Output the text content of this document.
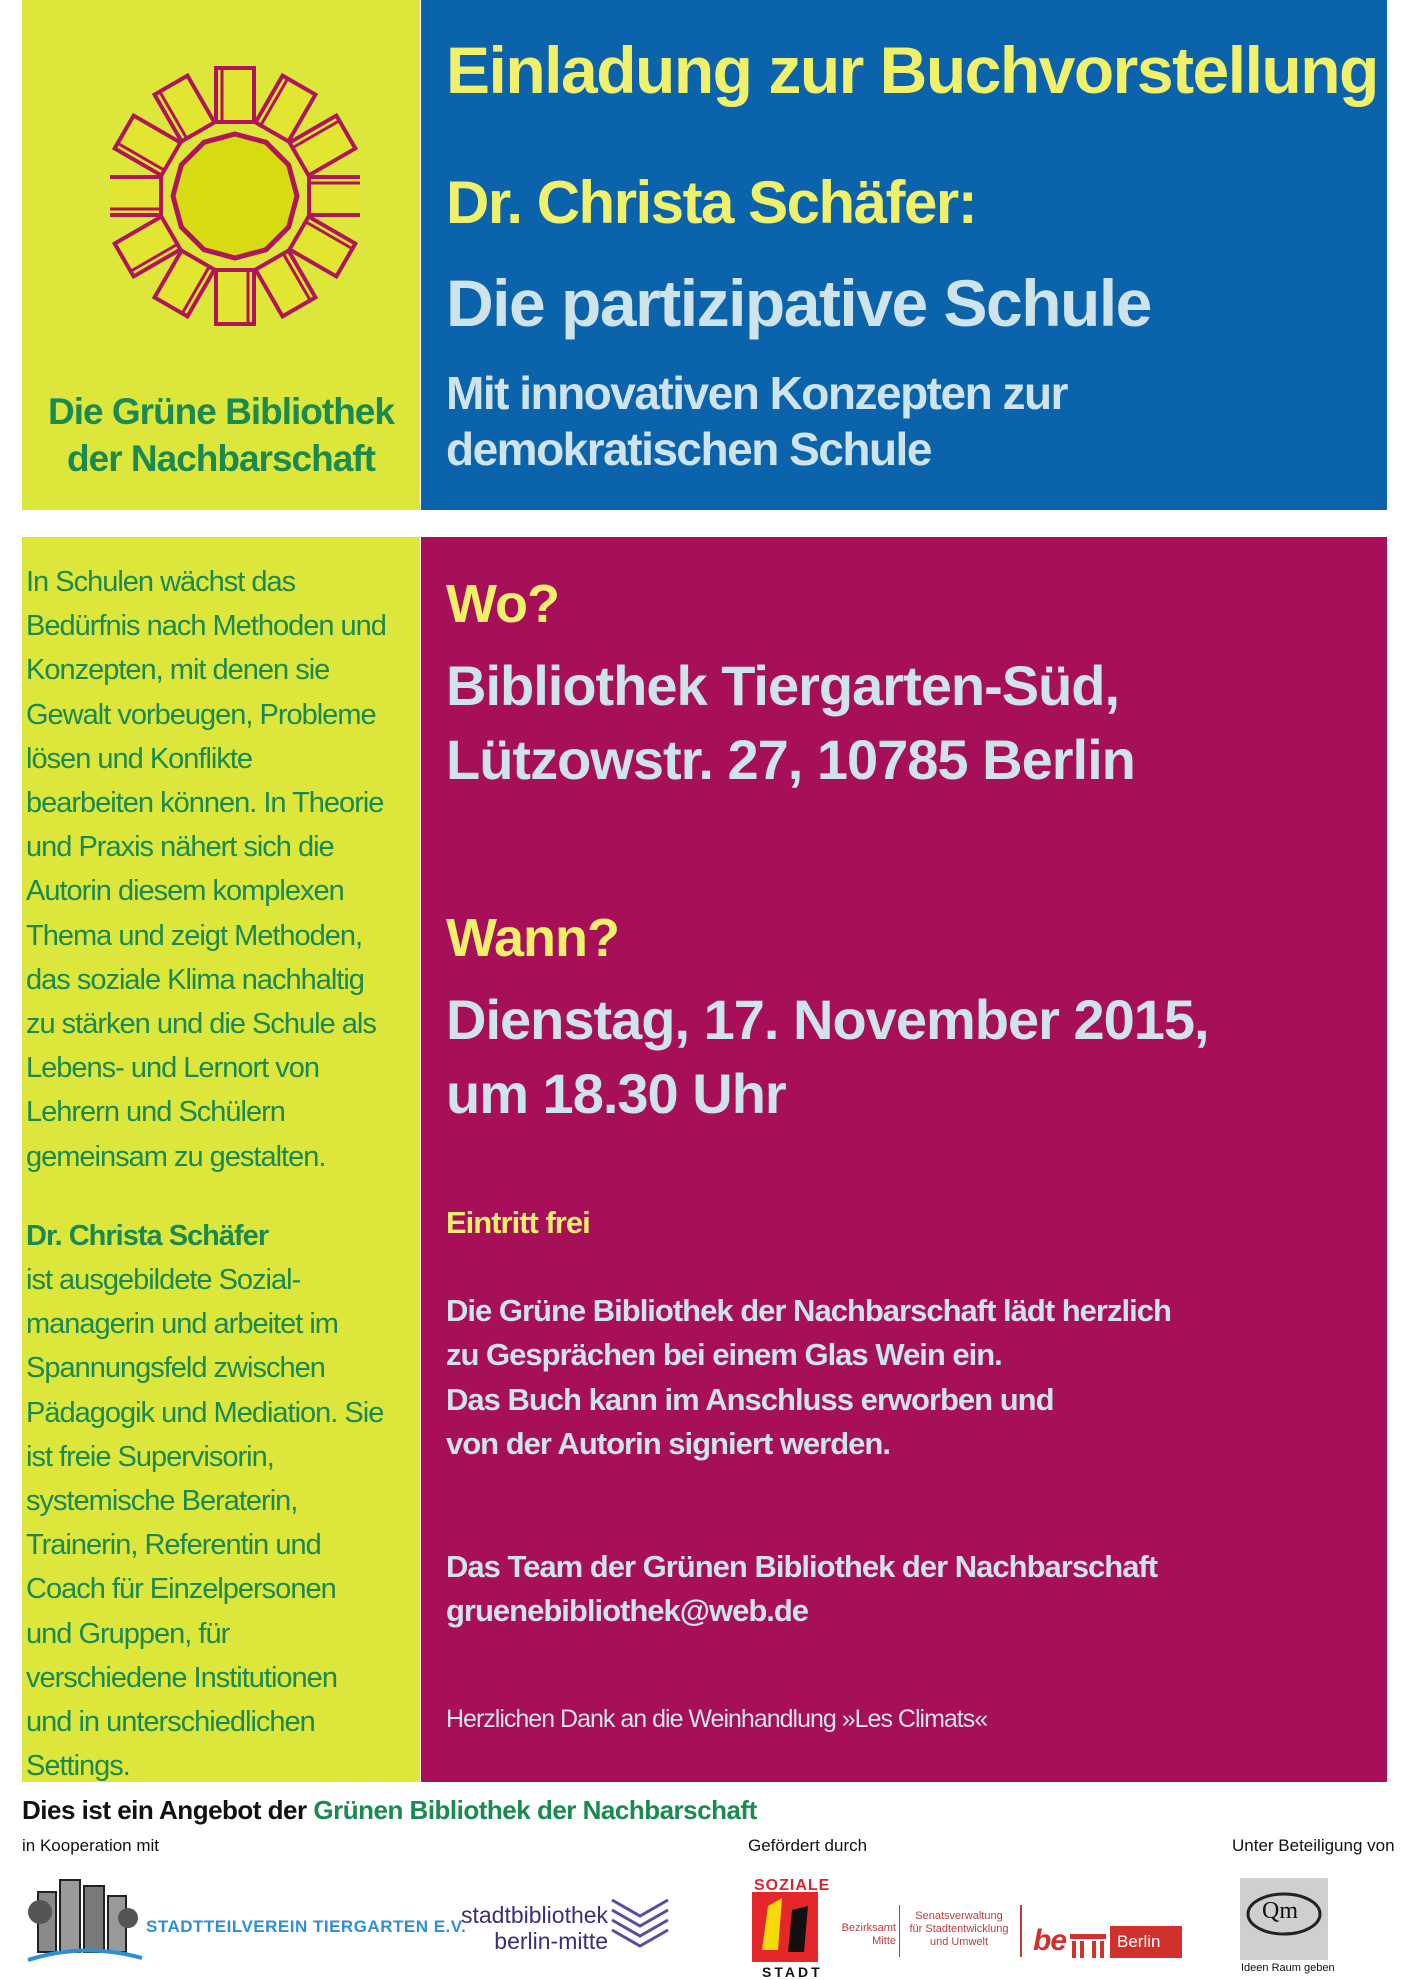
Die Grüne Bibliothek
der Nachbarschaft
Einladung zur Buchvorstellung
Dr. Christa Schäfer:
Die partizipative Schule
Mit innovativen Konzepten zur demokratischen Schule
In Schulen wächst das Bedürfnis nach Methoden und Konzepten, mit denen sie Gewalt vorbeugen, Probleme lösen und Konflikte bearbeiten können. In Theorie und Praxis nähert sich die Autorin diesem komplexen Thema und zeigt Methoden, das soziale Klima nachhaltig zu stärken und die Schule als Lebens- und Lernort von Lehrern und Schülern gemeinsam zu gestalten.
Dr. Christa Schäfer
ist ausgebildete Sozial-managerin und arbeitet im Spannungsfeld zwischen Pädagogik und Mediation. Sie ist freie Supervisorin, systemische Beraterin, Trainerin, Referentin und Coach für Einzelpersonen und Gruppen, für verschiedene Institutionen und in unterschiedlichen Settings.
Wo?
Bibliothek Tiergarten-Süd,
Lützowstr. 27, 10785 Berlin
Wann?
Dienstag, 17. November 2015,
um 18.30 Uhr
Eintritt frei
Die Grüne Bibliothek der Nachbarschaft lädt herzlich
zu Gesprächen bei einem Glas Wein ein.
Das Buch kann im Anschluss erworben und
von der Autorin signiert werden.
Das Team der Grünen Bibliothek der Nachbarschaft
gruenebibliothek@web.de
Herzlichen Dank an die Weinhandlung »Les Climats«
Dies ist ein Angebot der Grünen Bibliothek der Nachbarschaft
in Kooperation mit	Gefördert durch	Unter Beteiligung von
STADTTEILVEREIN TIERGARTEN E.V.
stadtbibliothek
berlin-mitte
SOZIALE
STADT
Bezirksamt
Mitte
Senatsverwaltung
für Stadtentwicklung
und Umwelt	be	Berlin
Qm
Ideen Raum geben
